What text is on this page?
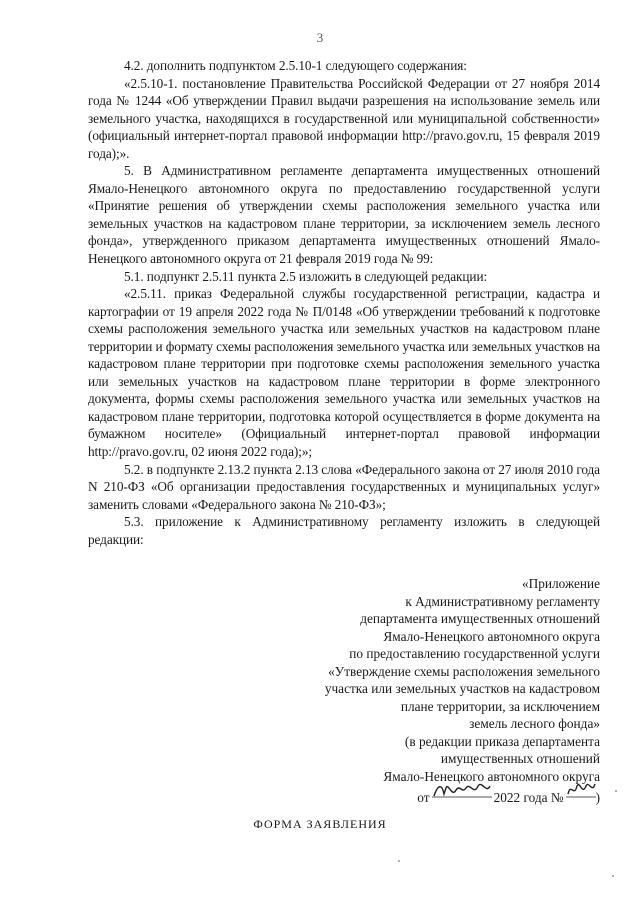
3

4.2. дополнить подпунктом 2.5.10-1 следующего содержания:

«2.5.10-1. постановление Правительства Российской Федерации от 27 ноября 2014 года № 1244 «Об утверждении Правил выдачи разрешения на использование земель или земельного участка, находящихся в государственной или муниципальной собственности» (официальный интернет-портал правовой информации http://pravo.gov.ru, 15 февраля 2019 года);».

5. В Административном регламенте департамента имущественных отношений Ямало-Ненецкого автономного округа по предоставлению государственной услуги «Принятие решения об утверждении схемы расположения земельного участка или земельных участков на кадастровом плане территории, за исключением земель лесного фонда», утвержденного приказом департамента имущественных отношений Ямало-Ненецкого автономного округа от 21 февраля 2019 года № 99:

5.1. подпункт 2.5.11 пункта 2.5 изложить в следующей редакции:

«2.5.11. приказ Федеральной службы государственной регистрации, кадастра и картографии от 19 апреля 2022 года № П/0148 «Об утверждении требований к подготовке схемы расположения земельного участка или земельных участков на кадастровом плане территории и формату схемы расположения земельного участка или земельных участков на кадастровом плане территории при подготовке схемы расположения земельного участка или земельных участков на кадастровом плане территории в форме электронного документа, формы схемы расположения земельного участка или земельных участков на кадастровом плане территории, подготовка которой осуществляется в форме документа на бумажном носителе» (Официальный интернет-портал правовой информации http://pravo.gov.ru, 02 июня 2022 года);»;

5.2. в подпункте 2.13.2 пункта 2.13 слова «Федерального закона от 27 июля 2010 года N 210-ФЗ «Об организации предоставления государственных и муниципальных услуг» заменить словами «Федерального закона № 210-ФЗ»;

5.3. приложение к Административному регламенту изложить в следующей редакции:

«Приложение
к Административному регламенту
департамента имущественных отношений
Ямало-Ненецкого автономного округа
по предоставлению государственной услуги
«Утверждение схемы расположения земельного
участка или земельных участков на кадастровом
плане территории, за исключением
земель лесного фонда»
(в редакции приказа департамента
имущественных отношений
Ямало-Ненецкого автономного округа
от	2022 года № )
ФОРМА ЗАЯВЛЕНИЯ
